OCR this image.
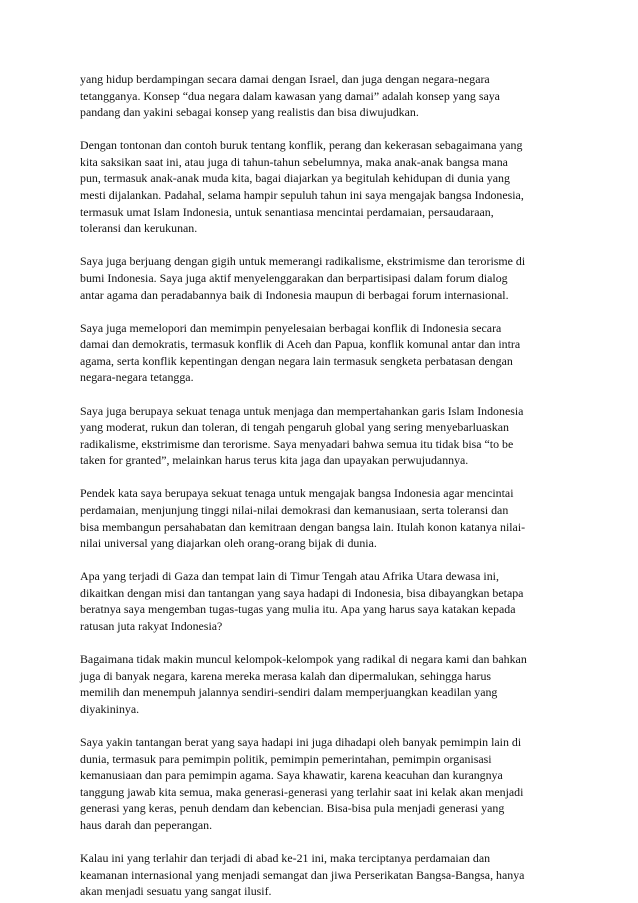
yang hidup berdampingan secara damai dengan Israel, dan juga dengan negara-negara
tetangganya. Konsep “dua negara dalam kawasan yang damai” adalah konsep yang saya
pandang dan yakini sebagai konsep yang realistis dan bisa diwujudkan.

Dengan tontonan dan contoh buruk tentang konflik, perang dan kekerasan sebagaimana yang
kita saksikan saat ini, atau juga di tahun-tahun sebelumnya, maka anak-anak bangsa mana
pun, termasuk anak-anak muda kita, bagai diajarkan ya begitulah kehidupan di dunia yang
mesti dijalankan. Padahal, selama hampir sepuluh tahun ini saya mengajak bangsa Indonesia,
termasuk umat Islam Indonesia, untuk senantiasa mencintai perdamaian, persaudaraan,
toleransi dan kerukunan.

Saya juga berjuang dengan gigih untuk memerangi radikalisme, ekstrimisme dan terorisme di
bumi Indonesia. Saya juga aktif menyelenggarakan dan berpartisipasi dalam forum dialog
antar agama dan peradabannya baik di Indonesia maupun di berbagai forum internasional.

Saya juga memelopori dan memimpin penyelesaian berbagai konflik di Indonesia secara
damai dan demokratis, termasuk konflik di Aceh dan Papua, konflik komunal antar dan intra
agama, serta konflik kepentingan dengan negara lain termasuk sengketa perbatasan dengan
negara-negara tetangga.

Saya juga berupaya sekuat tenaga untuk menjaga dan mempertahankan garis Islam Indonesia
yang moderat, rukun dan toleran, di tengah pengaruh global yang sering menyebarluaskan
radikalisme, ekstrimisme dan terorisme. Saya menyadari bahwa semua itu tidak bisa “to be
taken for granted”, melainkan harus terus kita jaga dan upayakan perwujudannya.

Pendek kata saya berupaya sekuat tenaga untuk mengajak bangsa Indonesia agar mencintai
perdamaian, menjunjung tinggi nilai-nilai demokrasi dan kemanusiaan, serta toleransi dan
bisa membangun persahabatan dan kemitraan dengan bangsa lain. Itulah konon katanya nilai-
nilai universal yang diajarkan oleh orang-orang bijak di dunia.

Apa yang terjadi di Gaza dan tempat lain di Timur Tengah atau Afrika Utara dewasa ini,
dikaitkan dengan misi dan tantangan yang saya hadapi di Indonesia, bisa dibayangkan betapa
beratnya saya mengemban tugas-tugas yang mulia itu. Apa yang harus saya katakan kepada
ratusan juta rakyat Indonesia?

Bagaimana tidak makin muncul kelompok-kelompok yang radikal di negara kami dan bahkan
juga di banyak negara, karena mereka merasa kalah dan dipermalukan, sehingga harus
memilih dan menempuh jalannya sendiri-sendiri dalam memperjuangkan keadilan yang
diyakininya.

Saya yakin tantangan berat yang saya hadapi ini juga dihadapi oleh banyak pemimpin lain di
dunia, termasuk para pemimpin politik, pemimpin pemerintahan, pemimpin organisasi
kemanusiaan dan para pemimpin agama. Saya khawatir, karena keacuhan dan kurangnya
tanggung jawab kita semua, maka generasi-generasi yang terlahir saat ini kelak akan menjadi
generasi yang keras, penuh dendam dan kebencian. Bisa-bisa pula menjadi generasi yang
haus darah dan peperangan.

Kalau ini yang terlahir dan terjadi di abad ke-21 ini, maka terciptanya perdamaian dan
keamanan internasional yang menjadi semangat dan jiwa Perserikatan Bangsa-Bangsa, hanya
akan menjadi sesuatu yang sangat ilusif.
